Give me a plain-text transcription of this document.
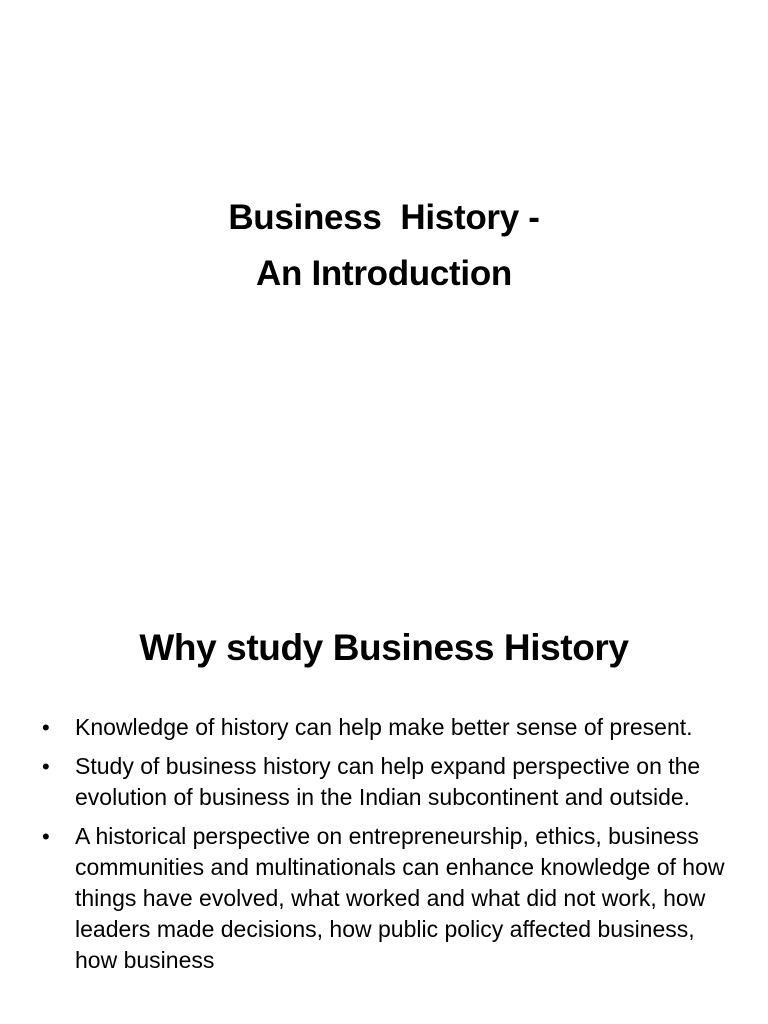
Business  History -
An Introduction
Why study Business History
• Knowledge of history can help make better sense of present.
• Study of business history can help expand perspective on the evolution of business in the Indian subcontinent and outside.
• A historical perspective on entrepreneurship, ethics, business communities and multinationals can enhance knowledge of how things have evolved, what worked and what did not work, how leaders made decisions, how public policy affected business, how business
